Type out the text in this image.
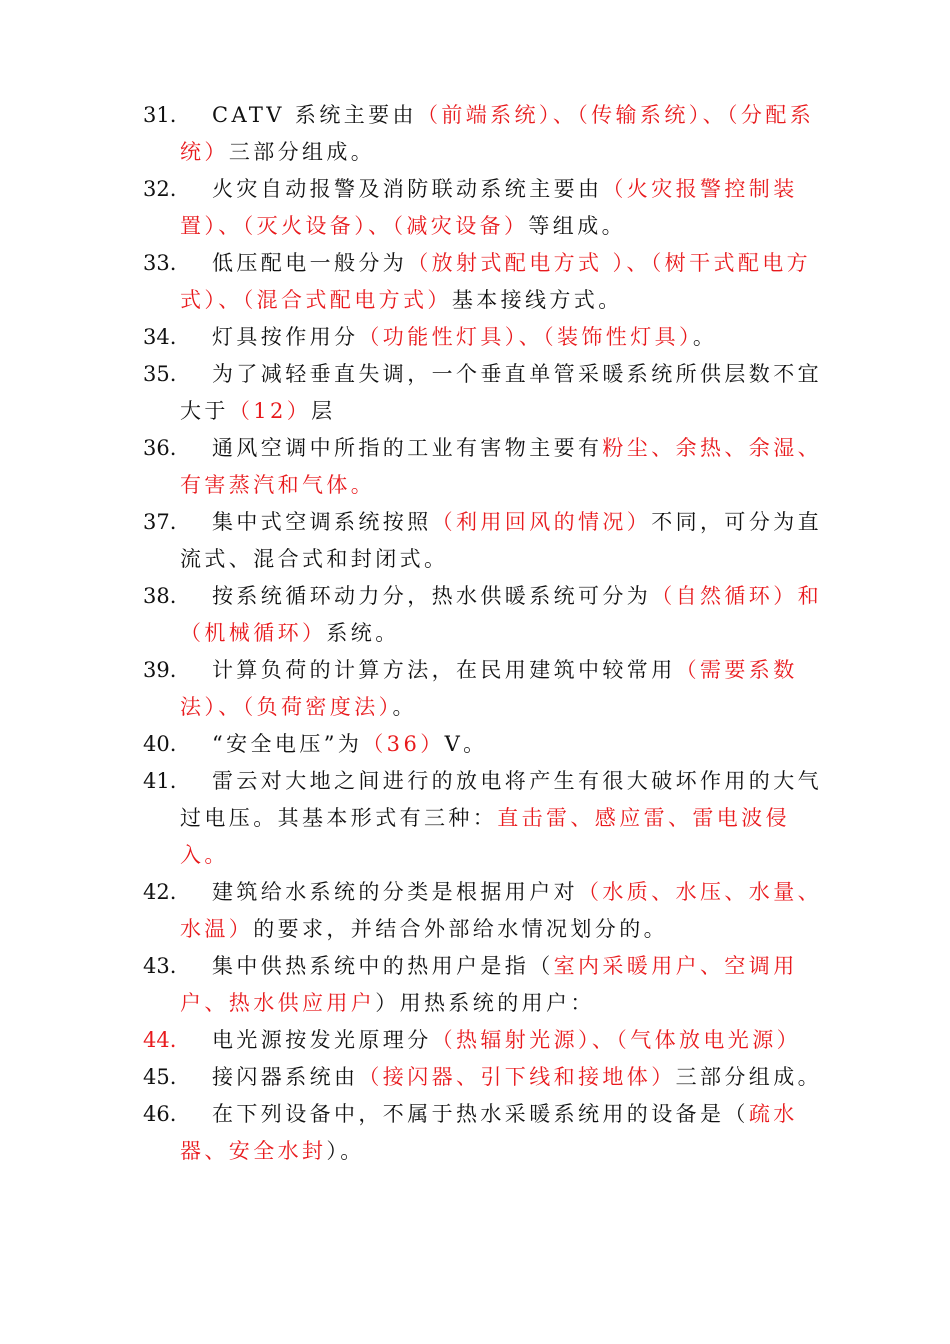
31.	CATV 系统主要由（前端系统）、（传输系统）、（分配系统）三部分组成。
32.	火灾自动报警及消防联动系统主要由（火灾报警控制装置）、（灭火设备）、（减灾设备）等组成。
33.	低压配电一般分为（放射式配电方式 ）、（树干式配电方式）、（混合式配电方式）基本接线方式。
34.	灯具按作用分（功能性灯具）、（装饰性灯具）。
35.	为了减轻垂直失调，一个垂直单管采暖系统所供层数不宜大于（12）层
36.	通风空调中所指的工业有害物主要有粉尘、余热、余湿、有害蒸汽和气体。
37.	集中式空调系统按照（利用回风的情况）不同，可分为直流式、混合式和封闭式。
38.	按系统循环动力分，热水供暖系统可分为（自然循环）和（机械循环）系统。
39.	计算负荷的计算方法，在民用建筑中较常用（需要系数法）、（负荷密度法）。
40.	“安全电压”为（36）V。
41.	雷云对大地之间进行的放电将产生有很大破坏作用的大气过电压。其基本形式有三种：直击雷、感应雷、雷电波侵入。
42.	建筑给水系统的分类是根据用户对（水质、水压、水量、水温）的要求，并结合外部给水情况划分的。
43.	集中供热系统中的热用户是指（室内采暖用户、空调用户、热水供应用户）用热系统的用户：
44.	电光源按发光原理分（热辐射光源）、（气体放电光源）
45.	接闪器系统由（接闪器、引下线和接地体）三部分组成。
46.	在下列设备中，不属于热水采暖系统用的设备是（疏水器、安全水封）。
